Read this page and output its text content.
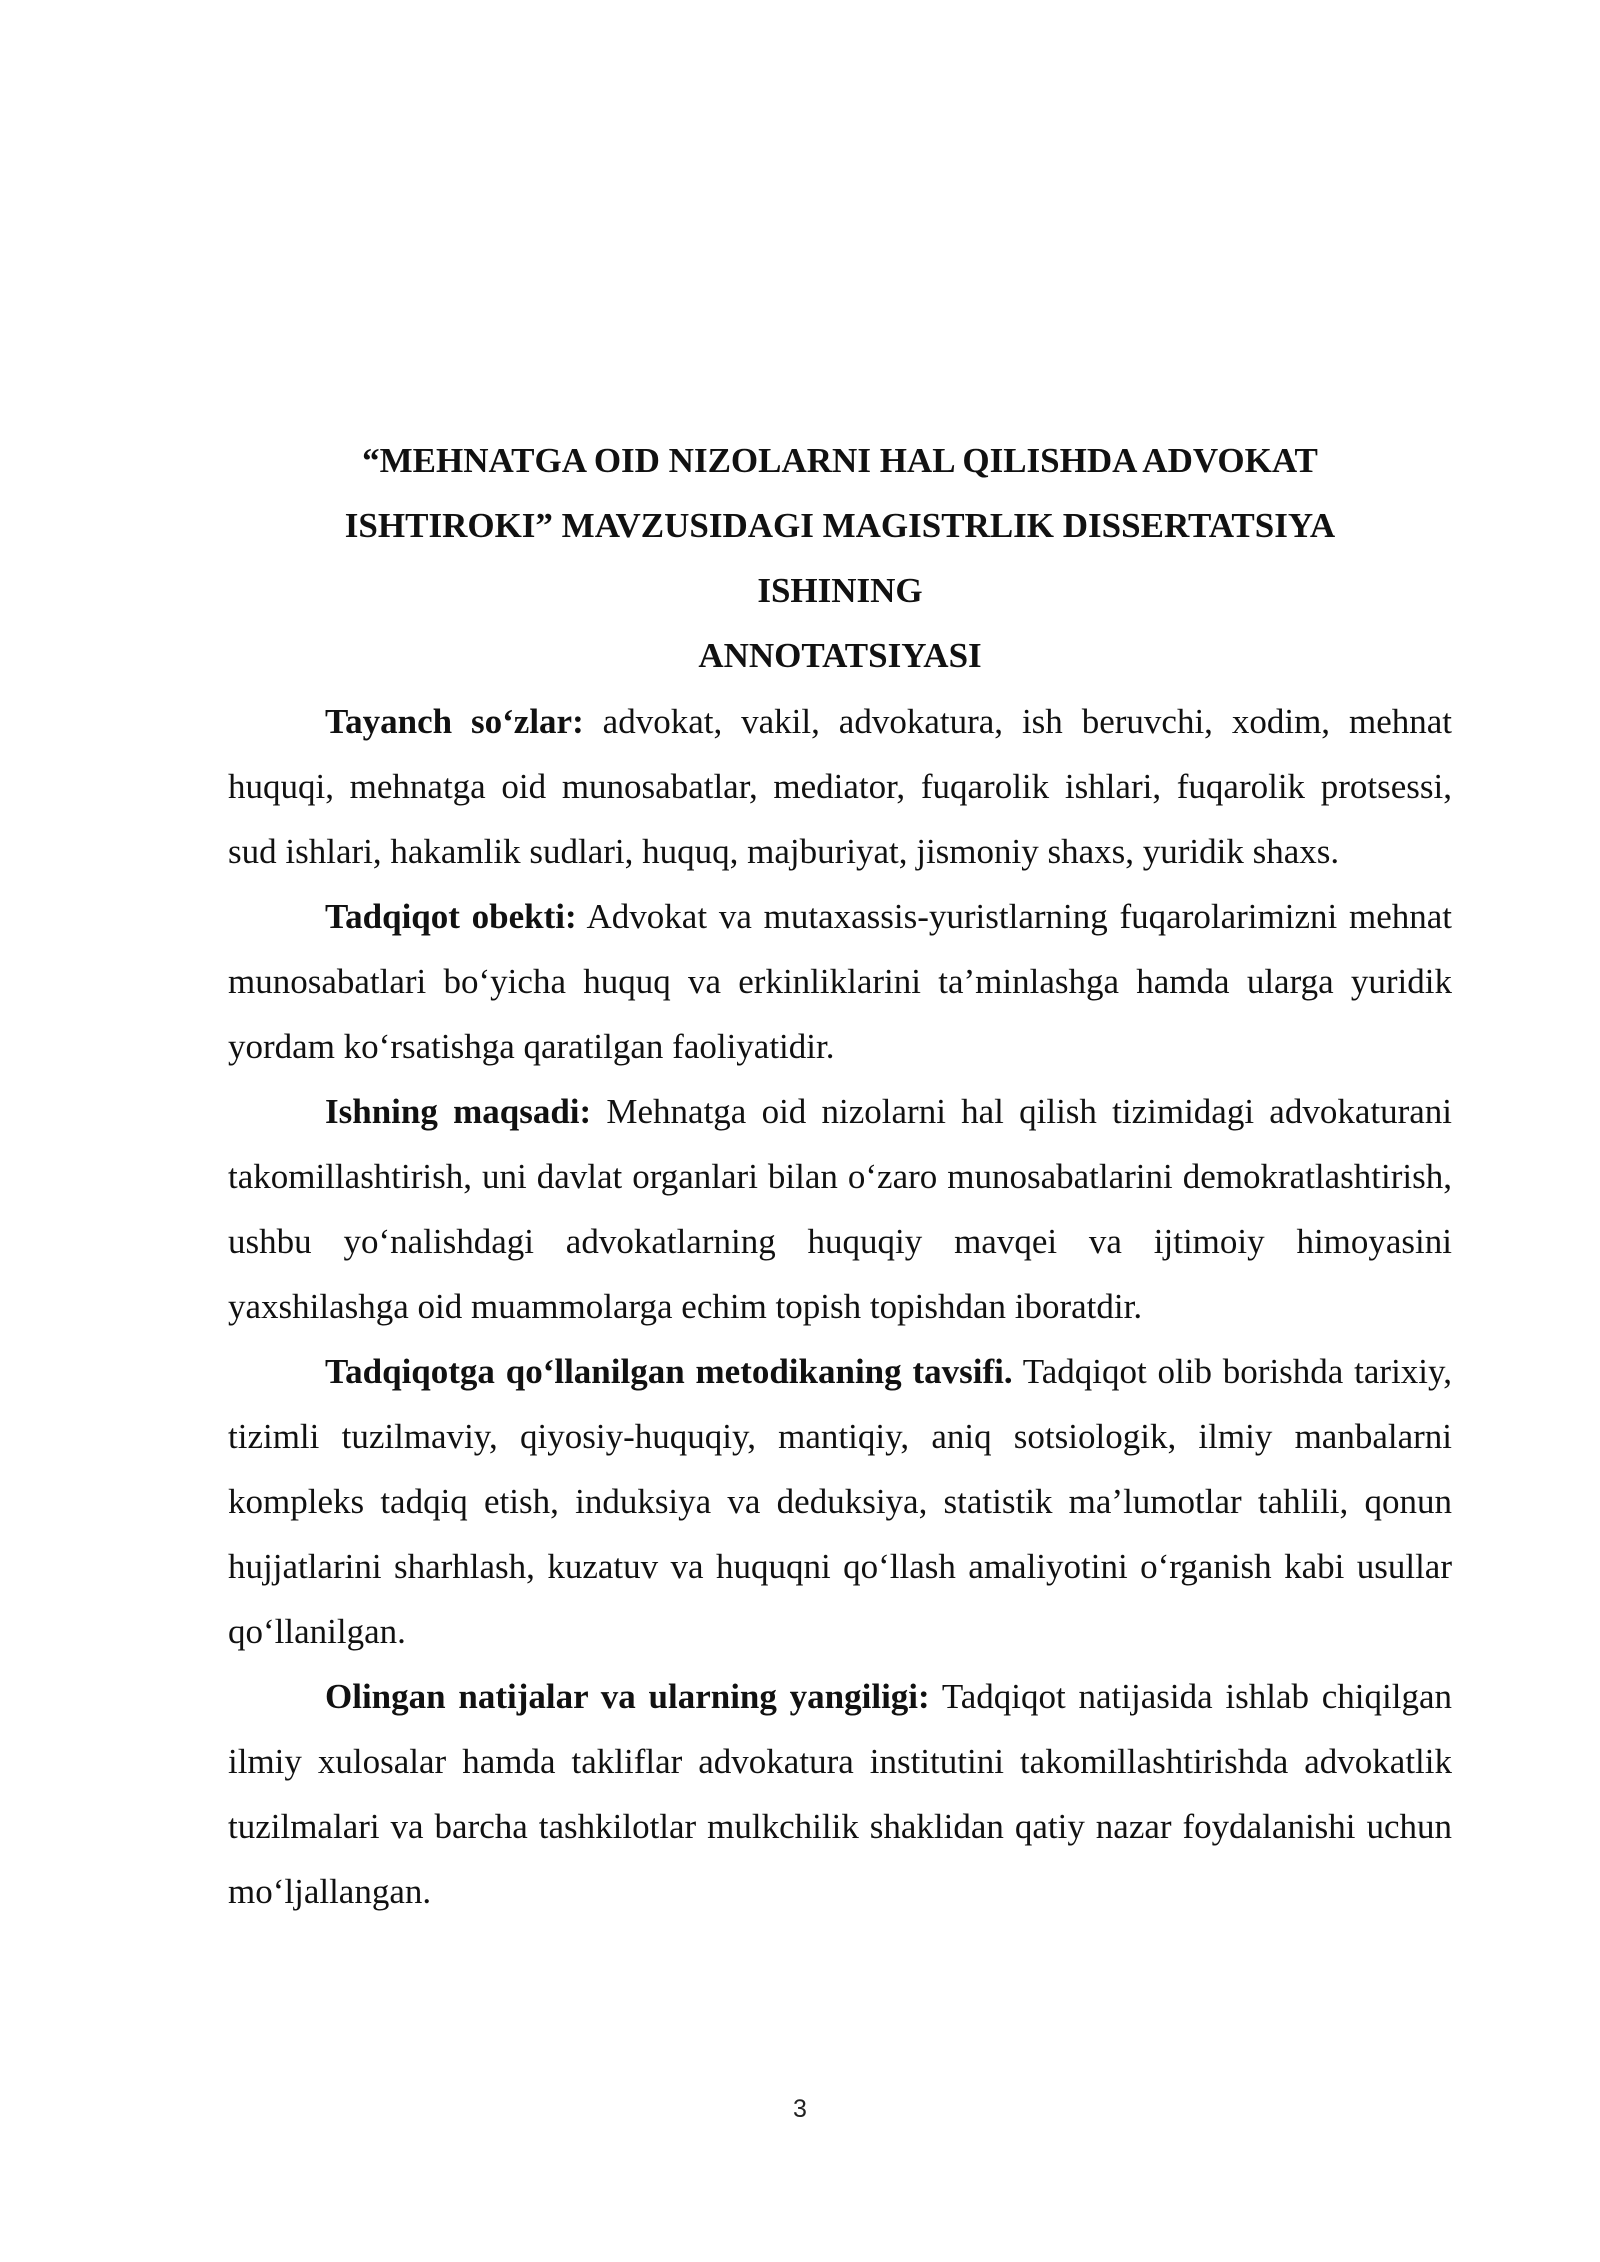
“MEHNATGA OID NIZOLARNI HAL QILISHDA ADVOKAT
ISHTIROKI” MAVZUSIDAGI MAGISTRLIK DISSERTATSIYA
ISHINING
ANNOTATSIYASI

Tayanch so‘zlar: advokat, vakil, advokatura, ish beruvchi, xodim, mehnat huquqi, mehnatga oid munosabatlar, mediator, fuqarolik ishlari, fuqarolik protsessi, sud ishlari, hakamlik sudlari, huquq, majburiyat, jismoniy shaxs, yuridik shaxs.

Tadqiqot obekti: Advokat va mutaxassis-yuristlarning fuqarolarimizni mehnat munosabatlari bo‘yicha huquq va erkinliklarini ta’minlashga hamda ularga yuridik yordam ko‘rsatishga qaratilgan faoliyatidir.

Ishning maqsadi: Mehnatga oid nizolarni hal qilish tizimidagi advokaturani takomillashtirish, uni davlat organlari bilan o‘zaro munosabatlarini demokratlashtirish, ushbu yo‘nalishdagi advokatlarning huquqiy mavqei va ijtimoiy himoyasini yaxshilashga oid muammolarga echim topish topishdan iboratdir.

Tadqiqotga qo‘llanilgan metodikaning tavsifi. Tadqiqot olib borishda tarixiy, tizimli tuzilmaviy, qiyosiy-huquqiy, mantiqiy, aniq sotsiologik, ilmiy manbalarni kompleks tadqiq etish, induksiya va deduksiya, statistik ma’lumotlar tahlili, qonun hujjatlarini sharhlash, kuzatuv va huquqni qo‘llash amaliyotini o‘rganish kabi usullar qo‘llanilgan.

Olingan natijalar va ularning yangiligi: Tadqiqot natijasida ishlab chiqilgan ilmiy xulosalar hamda takliflar advokatura institutini takomillashtirishda advokatlik tuzilmalari va barcha tashkilotlar mulkchilik shaklidan qatiy nazar foydalanishi uchun mo‘ljallangan.

3
